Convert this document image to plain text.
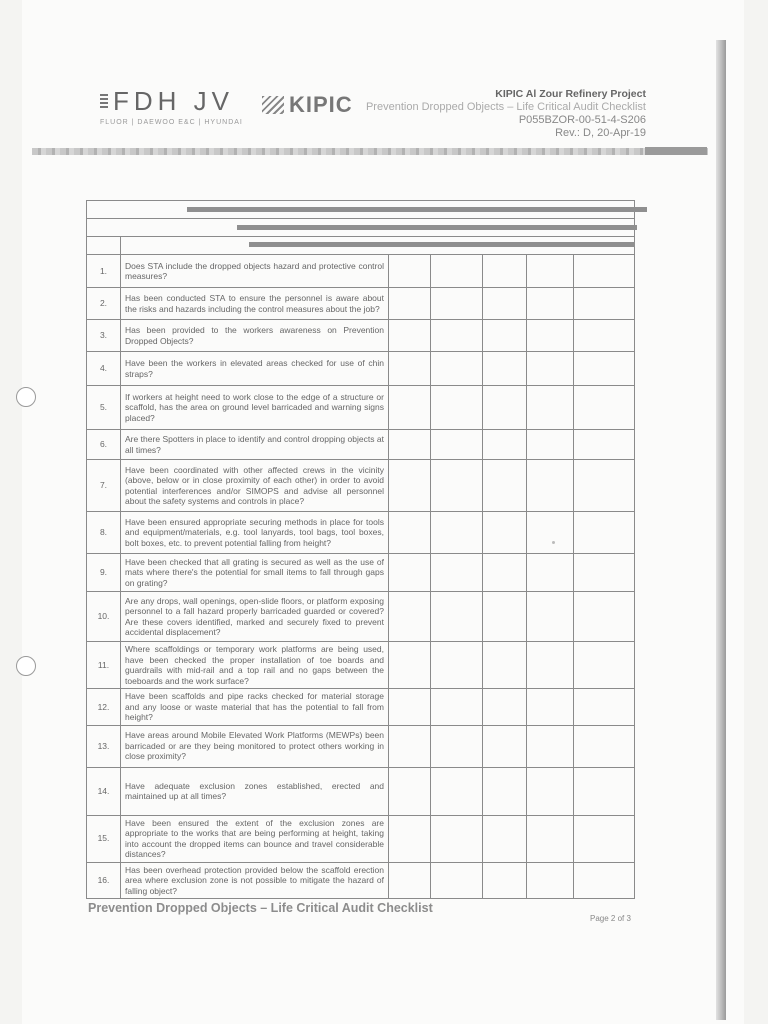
FDH JV
FLUOR | DAEWOO E&C | HYUNDAI
KIPIC	KIPIC Al Zour Refinery Project
Prevention Dropped Objects – Life Critical Audit Checklist
P055BZOR-00-51-4-S206
Rev.: D, 20-Apr-19

1.	Does STA include the dropped objects hazard and protective control measures?					
2.	Has been conducted STA to ensure the personnel is aware about the risks and hazards including the control measures about the job?					
3.	Has been provided to the workers awareness on Prevention Dropped Objects?					
4.	Have been the workers in elevated areas checked for use of chin straps?					
5.	If workers at height need to work close to the edge of a structure or scaffold, has the area on ground level barricaded and warning signs placed?					
6.	Are there Spotters in place to identify and control dropping objects at all times?					
7.	Have been coordinated with other affected crews in the vicinity (above, below or in close proximity of each other) in order to avoid potential interferences and/or SIMOPS and advise all personnel about the safety systems and controls in place?					
8.	Have been ensured appropriate securing methods in place for tools and equipment/materials, e.g. tool lanyards, tool bags, tool boxes, bolt boxes, etc. to prevent potential falling from height?					
9.	Have been checked that all grating is secured as well as the use of mats where there's the potential for small items to fall through gaps on grating?					
10.	Are any drops, wall openings, open-slide floors, or platform exposing personnel to a fall hazard properly barricaded guarded or covered? Are these covers identified, marked and securely fixed to prevent accidental displacement?					
11.	Where scaffoldings or temporary work platforms are being used, have been checked the proper installation of toe boards and guardrails with mid-rail and a top rail and no gaps between the toeboards and the work surface?					
12.	Have been scaffolds and pipe racks checked for material storage and any loose or waste material that has the potential to fall from height?					
13.	Have areas around Mobile Elevated Work Platforms (MEWPs) been barricaded or are they being monitored to protect others working in close proximity?					
14.	Have adequate exclusion zones established, erected and maintained up at all times?					
15.	Have been ensured the extent of the exclusion zones are appropriate to the works that are being performing at height, taking into account the dropped items can bounce and travel considerable distances?					
16.	Has been overhead protection provided below the scaffold erection area where exclusion zone is not possible to mitigate the hazard of falling object?					
Prevention Dropped Objects – Life Critical Audit Checklist
Page 2 of 3
